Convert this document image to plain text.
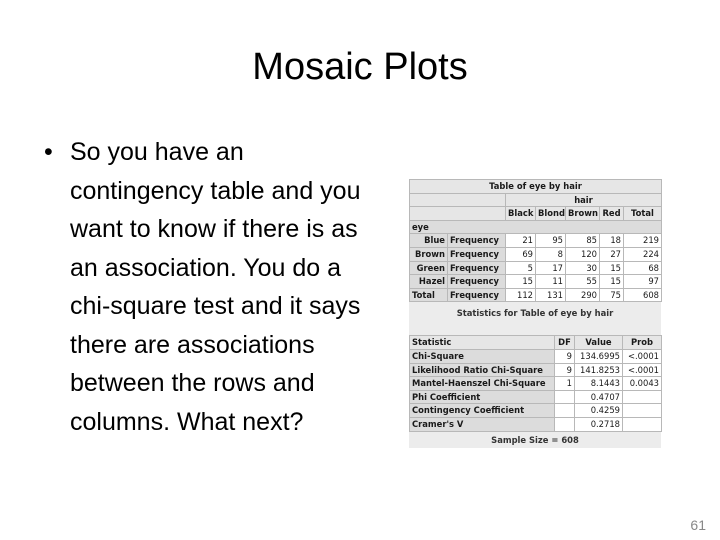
Mosaic Plots
• So you have an contingency table and you want to know if there is as an association. You do a chi-square test and it says there are associations between the rows and columns. What next?
Table of eye by hair						
		hair				
		Black	Blond	Brown	Red	Total
eye						
Blue	Frequency	21	95	85	18	219
Brown	Frequency	69	8	120	27	224
Green	Frequency	5	17	30	15	68
Hazel	Frequency	15	11	55	15	97
Total	Frequency	112	131	290	75	608
Statistics for Table of eye by hair
Statistic	DF	Value	Prob
Chi-Square	9	134.6995	<.0001
Likelihood Ratio Chi-Square	9	141.8253	<.0001
Mantel-Haenszel Chi-Square	1	8.1443	0.0043
Phi Coefficient		0.4707	
Contingency Coefficient		0.4259	
Cramer's V		0.2718	
Sample Size = 608
61
